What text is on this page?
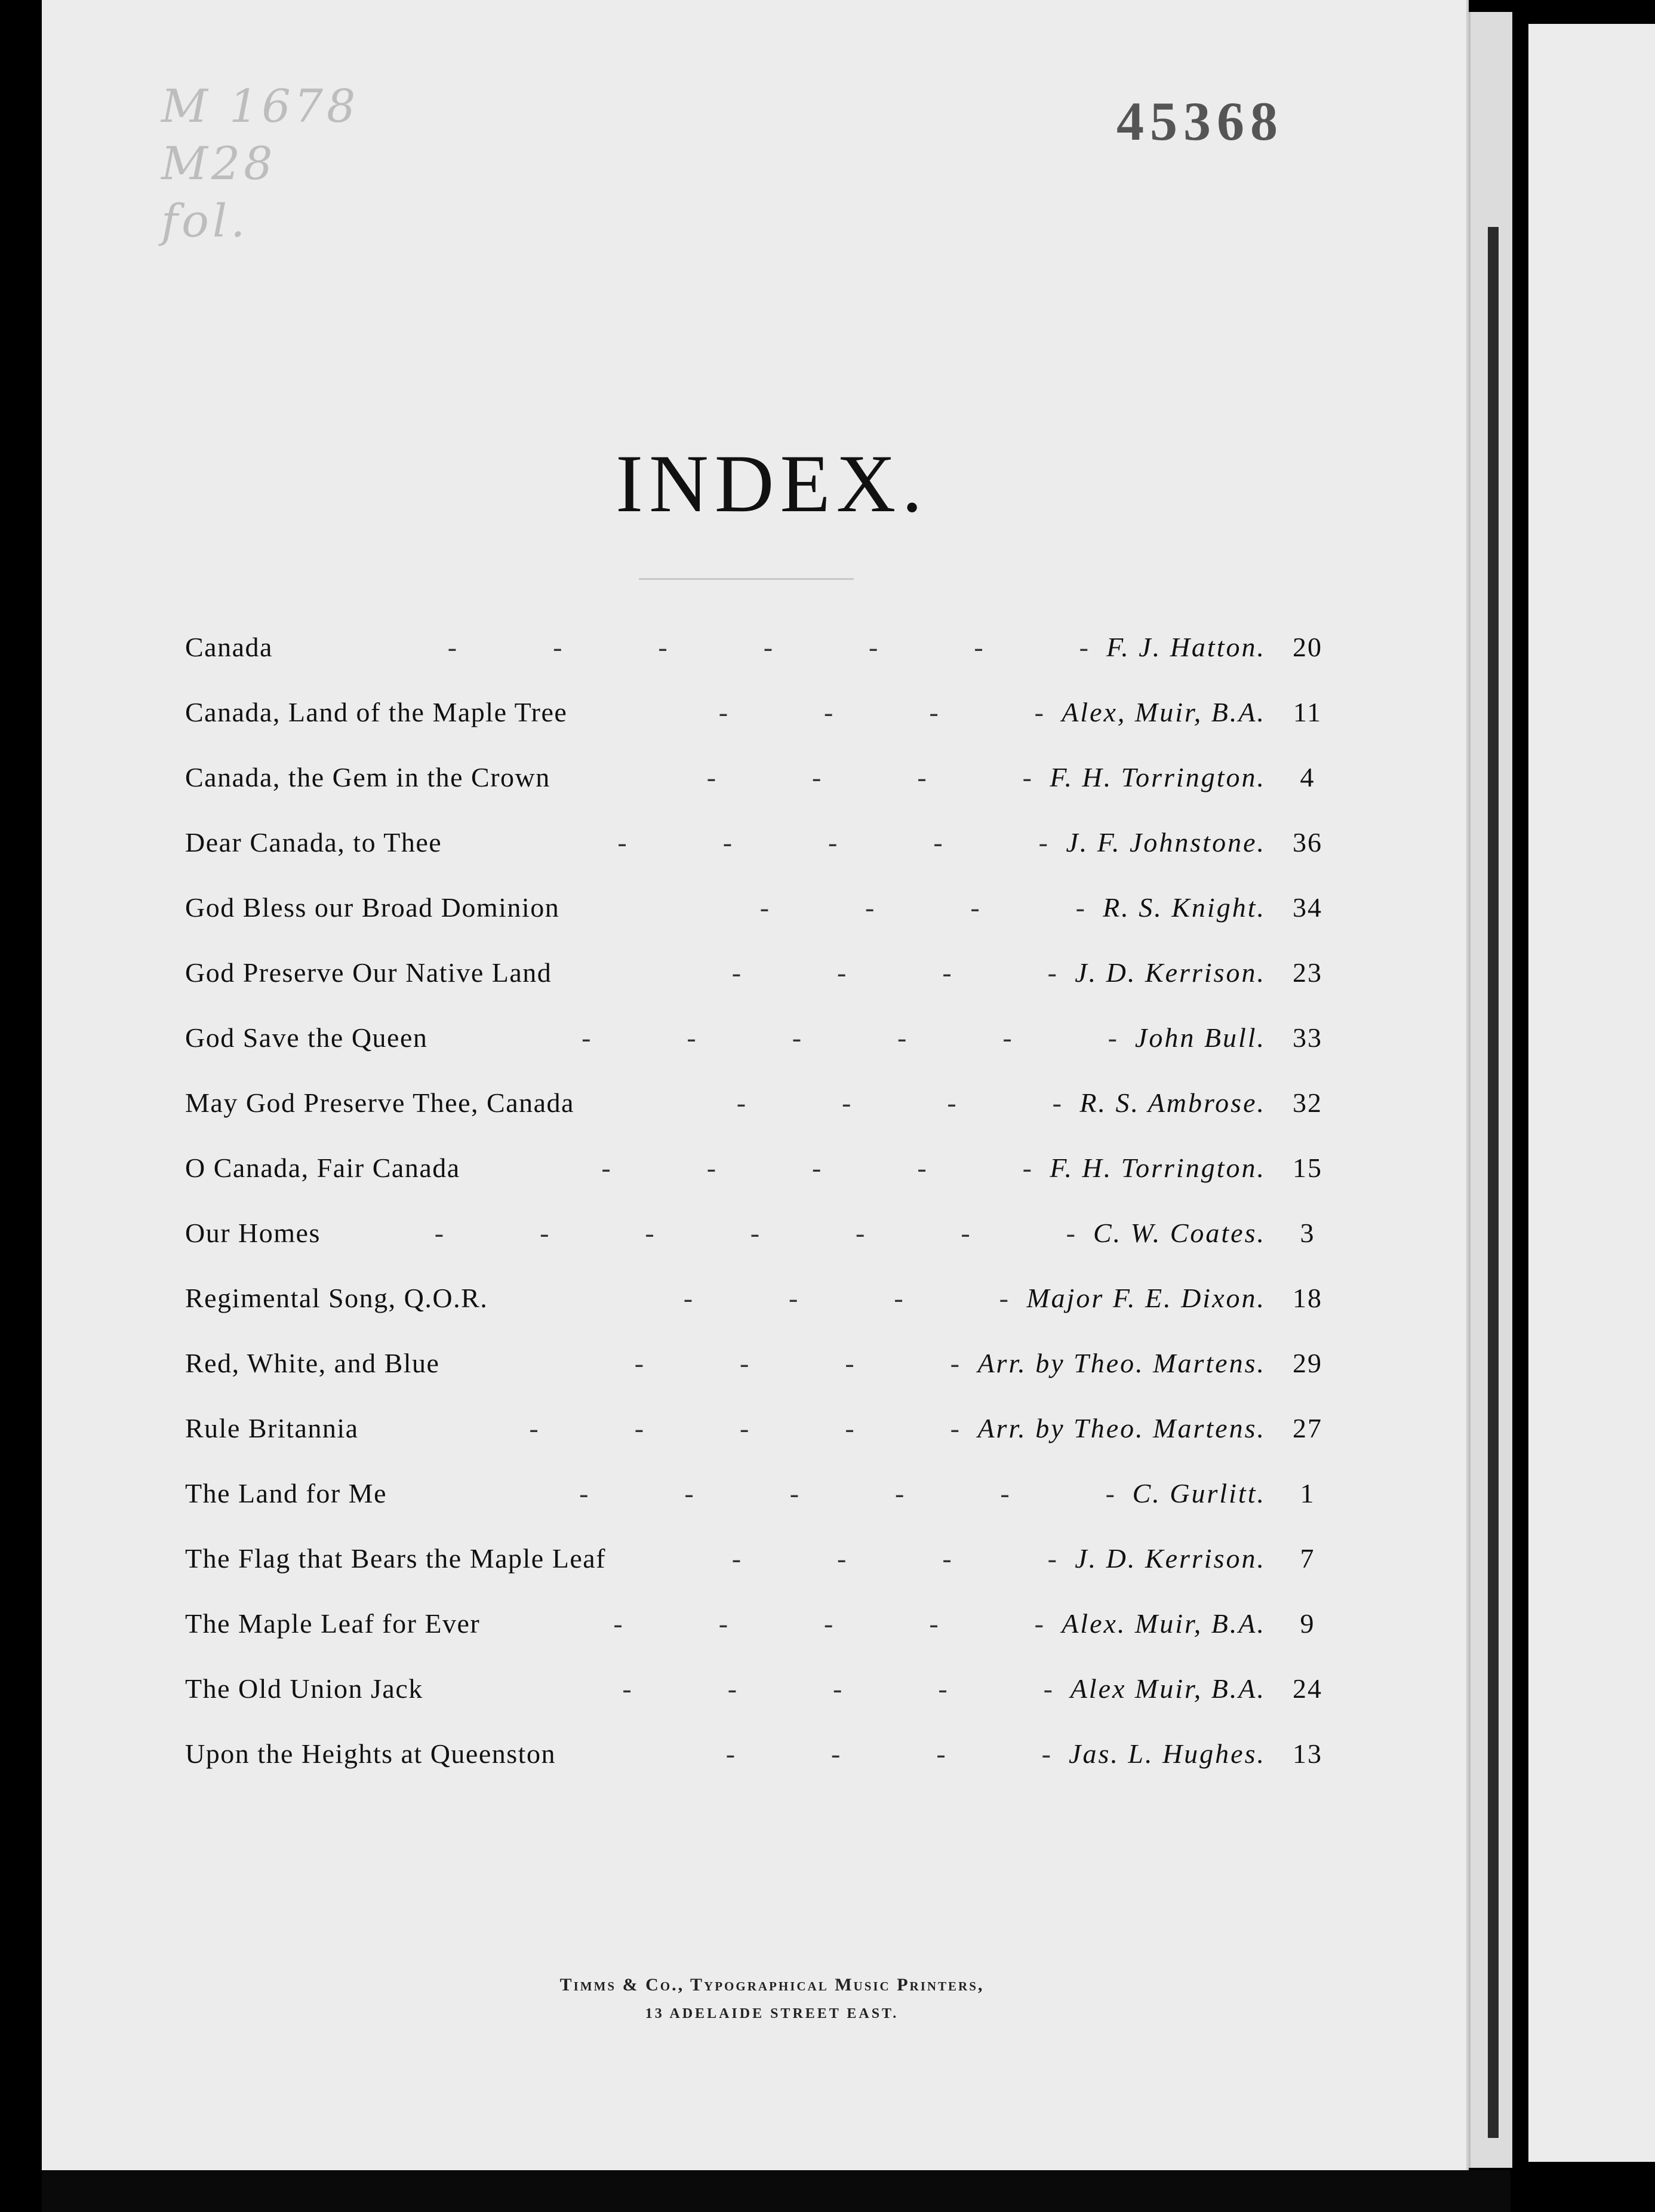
M 1678
M28
fol.
45368
INDEX.
-              -              -              -              -              -              -
Canada	F. J. Hatton. 20
-              -              -              -
Canada, Land of the Maple Tree	Alex, Muir, B.A. 11
-              -              -              -
Canada, the Gem in the Crown	F. H. Torrington.	4
-              -              -              -              -
Dear Canada, to Thee	J. F. Johnstone. 36
-              -              -              -
God Bless our Broad Dominion	R. S. Knight. 34
-              -              -              -
God Preserve Our Native Land	J. D. Kerrison. 23
-              -              -              -              -              -
God Save the Queen	John Bull. 33
-              -              -              -
May God Preserve Thee, Canada	R. S. Ambrose. 32
-              -              -              -              -
O Canada, Fair Canada	F. H. Torrington. 15
-              -              -              -              -              -              -
Our Homes	C. W. Coates.	3
-              -              -              -
Regimental Song, Q.O.R.	Major F. E. Dixon. 18
-              -              -              -
Red, White, and Blue	Arr. by Theo. Martens. 29
-              -              -              -              -
Rule Britannia	Arr. by Theo. Martens. 27
-              -              -              -              -              -
The Land for Me	C. Gurlitt.	1
-              -              -              -
The Flag that Bears the Maple Leaf	J. D. Kerrison.	7
-              -              -              -              -
The Maple Leaf for Ever	Alex. Muir, B.A.	9
-              -              -              -              -
The Old Union Jack	Alex Muir, B.A. 24
-              -              -              -
Upon the Heights at Queenston	Jas. L. Hughes. 13
Timms & Co., Typographical Music Printers,
13 ADELAIDE STREET EAST.
